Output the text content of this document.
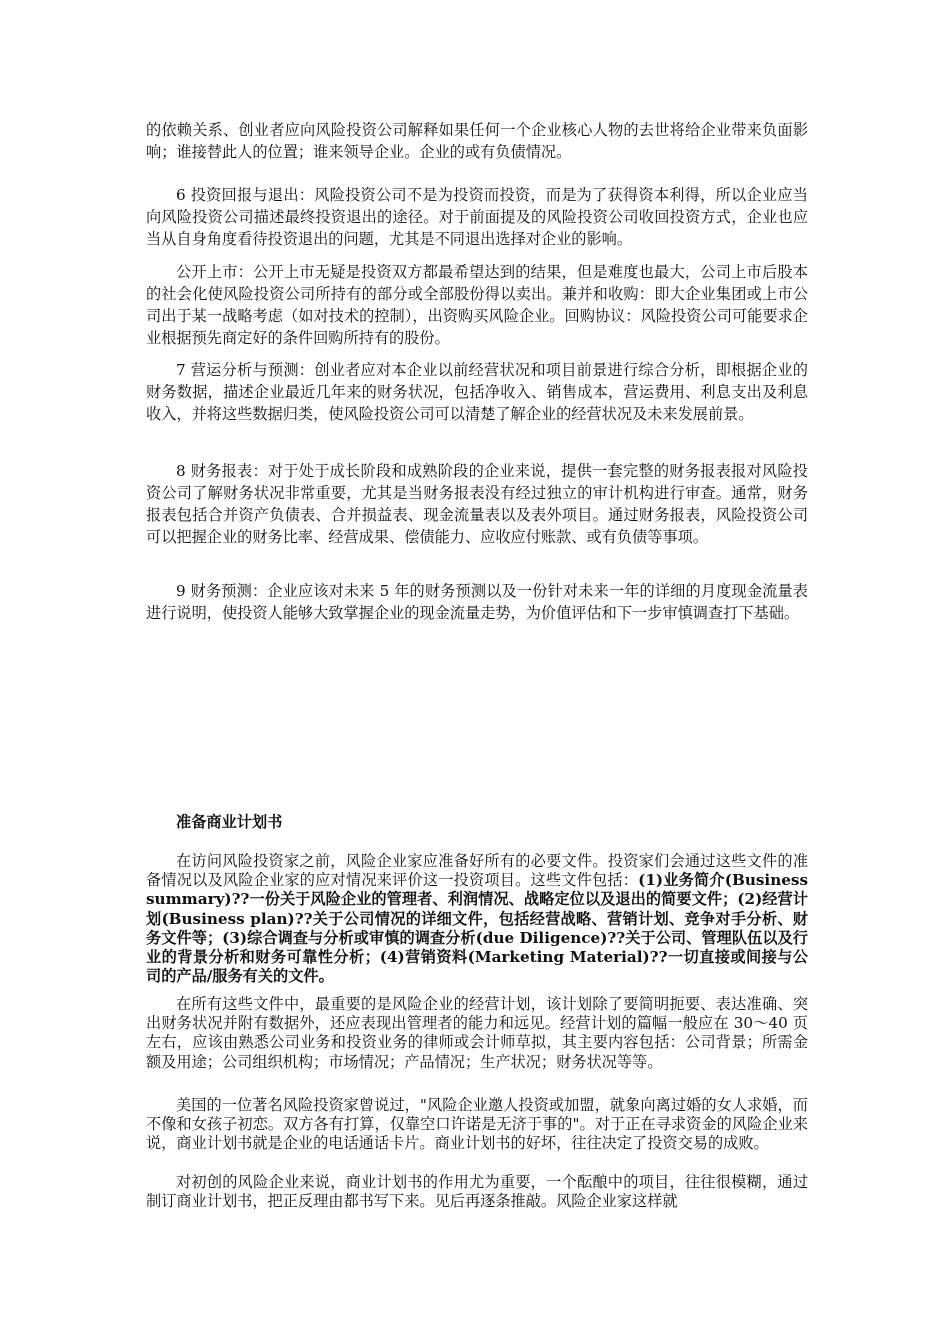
的依赖关系、创业者应向风险投资公司解释如果任何一个企业核心人物的去世将给企业带来负面影响；谁接替此人的位置；谁来领导企业。企业的或有负债情况。

6 投资回报与退出：风险投资公司不是为投资而投资，而是为了获得资本利得，所以企业应当向风险投资公司描述最终投资退出的途径。对于前面提及的风险投资公司收回投资方式，企业也应当从自身角度看待投资退出的问题，尤其是不同退出选择对企业的影响。

公开上市：公开上市无疑是投资双方都最希望达到的结果，但是难度也最大，公司上市后股本的社会化使风险投资公司所持有的部分或全部股份得以卖出。兼并和收购：即大企业集团或上市公司出于某一战略考虑（如对技术的控制），出资购买风险企业。回购协议：风险投资公司可能要求企业根据预先商定好的条件回购所持有的股份。

7 营运分析与预测：创业者应对本企业以前经营状况和项目前景进行综合分析，即根据企业的财务数据，描述企业最近几年来的财务状况，包括净收入、销售成本，营运费用、利息支出及利息收入，并将这些数据归类，使风险投资公司可以清楚了解企业的经营状况及未来发展前景。

8 财务报表：对于处于成长阶段和成熟阶段的企业来说，提供一套完整的财务报表报对风险投资公司了解财务状况非常重要，尤其是当财务报表没有经过独立的审计机构进行审查。通常，财务报表包括合并资产负债表、合并损益表、现金流量表以及表外项目。通过财务报表，风险投资公司可以把握企业的财务比率、经营成果、偿债能力、应收应付账款、或有负债等事项。

9 财务预测：企业应该对未来 5 年的财务预测以及一份针对未来一年的详细的月度现金流量表进行说明，使投资人能够大致掌握企业的现金流量走势，为价值评估和下一步审慎调查打下基础。

准备商业计划书

在访问风险投资家之前，风险企业家应准备好所有的必要文件。投资家们会通过这些文件的准备情况以及风险企业家的应对情况来评价这一投资项目。这些文件包括：(1)业务简介(Business summary)??一份关于风险企业的管理者、利润情况、战略定位以及退出的简要文件；(2)经营计划(Business plan)??关于公司情况的详细文件，包括经营战略、营销计划、竞争对手分析、财务文件等；(3)综合调查与分析或审慎的调查分析(due Diligence)??关于公司、管理队伍以及行业的背景分析和财务可靠性分析；(4)营销资料(Marketing Material)??一切直接或间接与公司的产品/服务有关的文件。

在所有这些文件中，最重要的是风险企业的经营计划，该计划除了要简明扼要、表达准确、突出财务状况并附有数据外，还应表现出管理者的能力和远见。经营计划的篇幅一般应在 30～40 页左右，应该由熟悉公司业务和投资业务的律师或会计师草拟，其主要内容包括：公司背景；所需金额及用途；公司组织机构；市场情况；产品情况；生产状况；财务状况等等。

美国的一位著名风险投资家曾说过，"风险企业邀人投资或加盟，就象向离过婚的女人求婚，而不像和女孩子初恋。双方各有打算，仅靠空口许诺是无济于事的"。对于正在寻求资金的风险企业来说，商业计划书就是企业的电话通话卡片。商业计划书的好坏，往往决定了投资交易的成败。

对初创的风险企业来说，商业计划书的作用尤为重要，一个酝酿中的项目，往往很模糊，通过制订商业计划书，把正反理由都书写下来。见后再逐条推敲。风险企业家这样就
